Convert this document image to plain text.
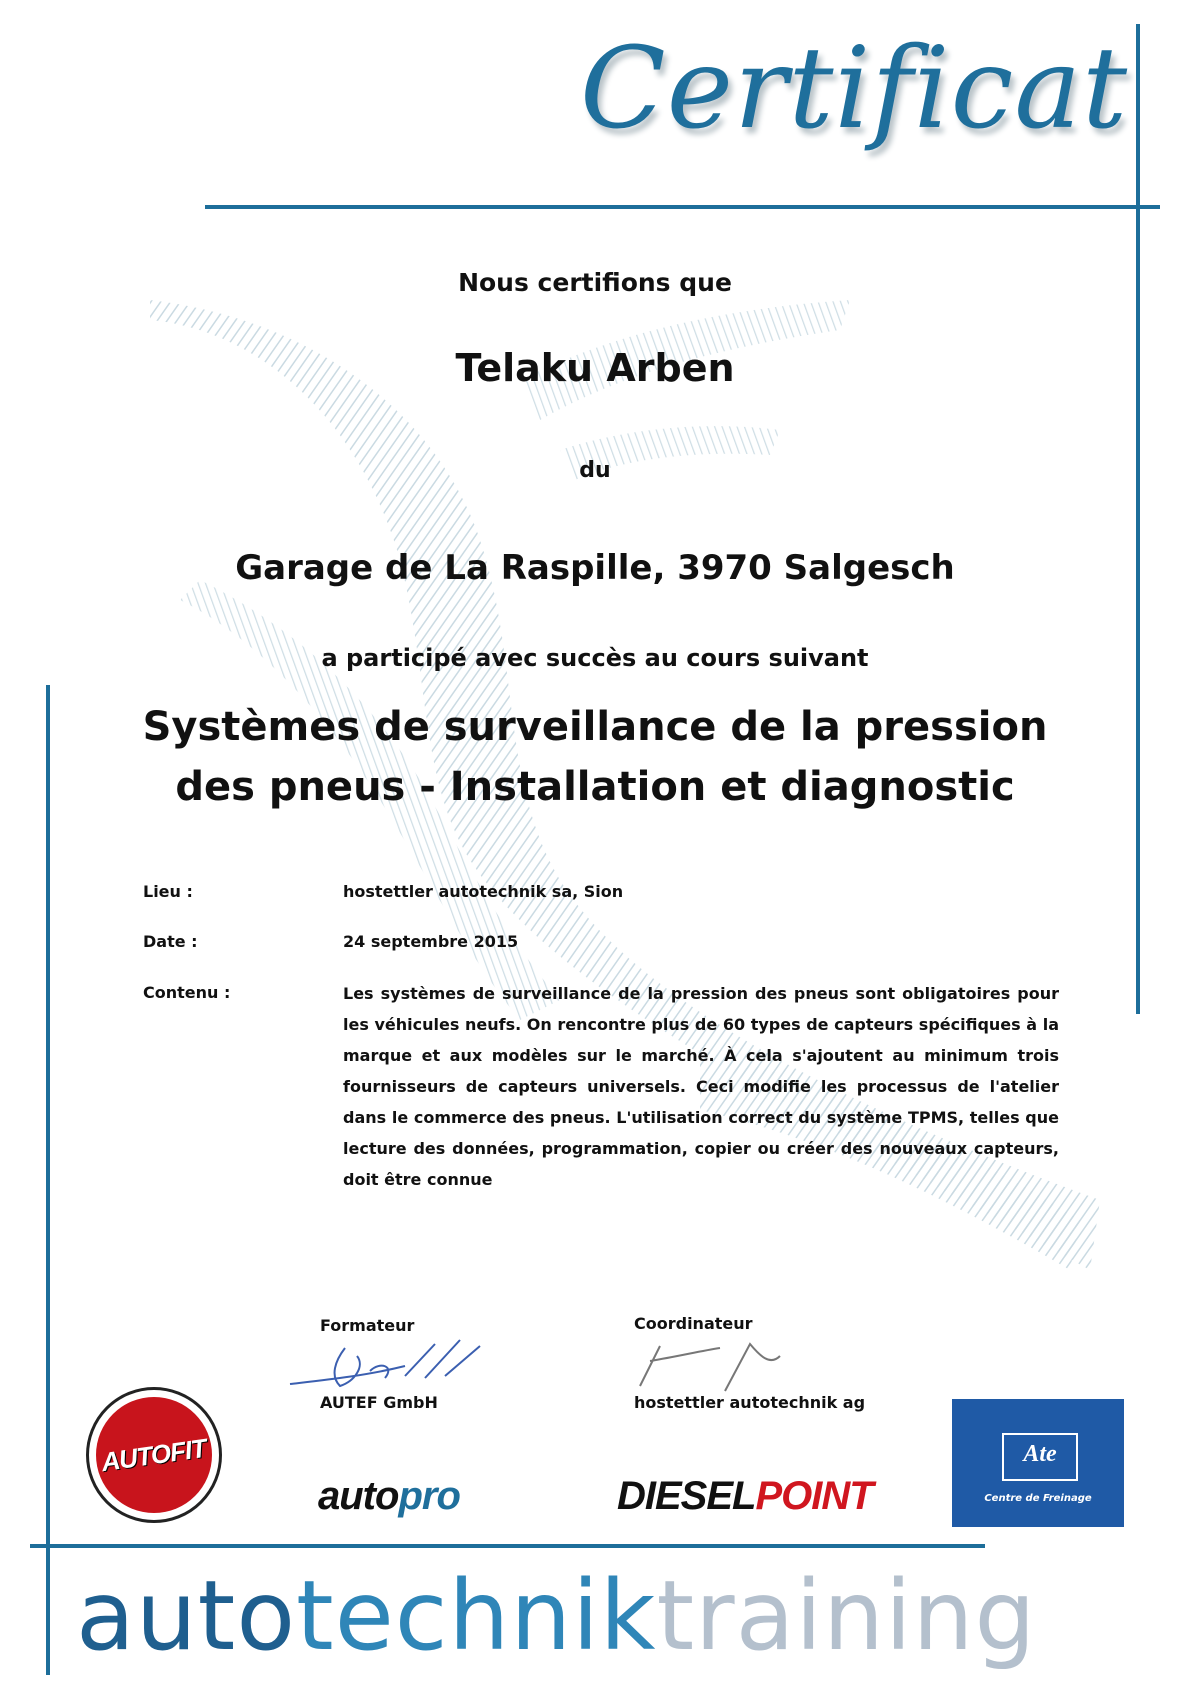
Certificat
Nous certifions que
Telaku Arben
du
Garage de La Raspille, 3970 Salgesch
a participé avec succès au cours suivant
Systèmes de surveillance de la pression
des pneus - Installation et diagnostic
Lieu :	hostettler autotechnik sa, Sion
Date :	24 septembre 2015
Contenu :	Les systèmes de surveillance de la pression des pneus sont obligatoires pour les véhicules neufs. On rencontre plus de 60 types de capteurs spécifiques à la marque et aux modèles sur le marché. À cela s'ajoutent au minimum trois fournisseurs de capteurs universels. Ceci modifie les processus de l'atelier dans le commerce des pneus. L'utilisation correct du système TPMS, telles que lecture des données, programmation, copier ou créer des nouveaux capteurs, doit être connue
Formateur
AUTEF GmbH
Coordinateur
hostettler autotechnik ag
AUTOFIT
autopro	DIESELPOINT
Ate
Centre de Freinage
autotechniktraining
